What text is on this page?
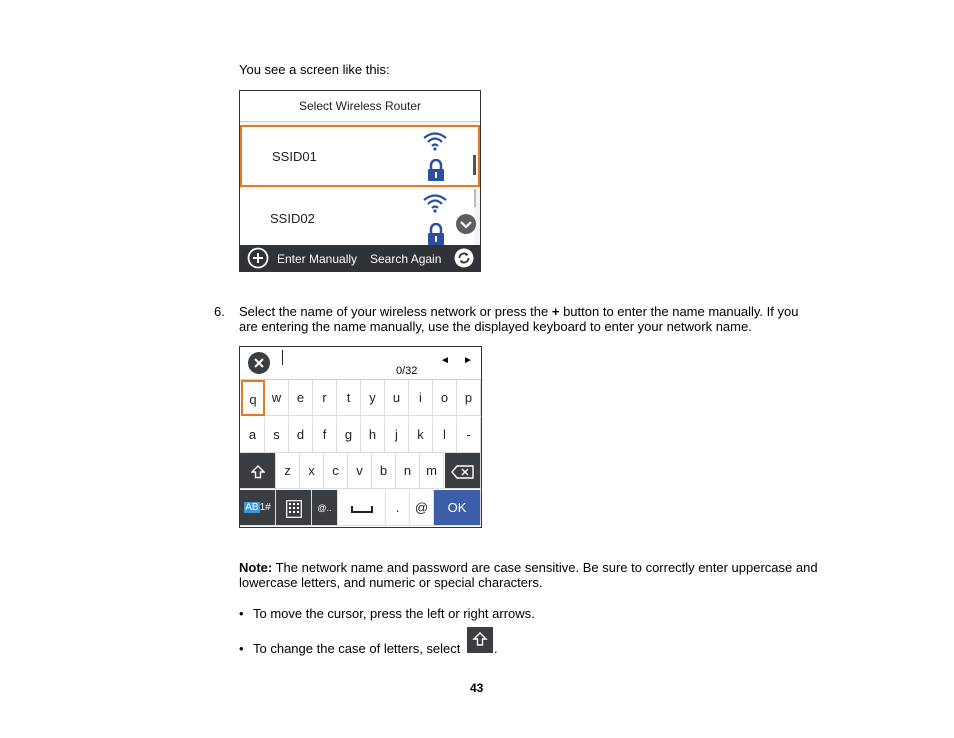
You see a screen like this:
Select Wireless Router
SSID01
SSID02
Enter Manually Search Again
6. Select the name of your wireless network or press the + button to enter the name manually. If you
are entering the name manually, use the displayed keyboard to enter your network name.
◄ ►
0/32
q	w	e	r	t	y	u	i	o	p
a	s	d	f	g	h	j	k	l	-
z	x	c	v	b	n	m
AB1#	@..	.	@	OK
Note: The network name and password are case sensitive. Be sure to correctly enter uppercase and
lowercase letters, and numeric or special characters.
• To move the cursor, press the left or right arrows.
• To change the case of letters, select	.
43
